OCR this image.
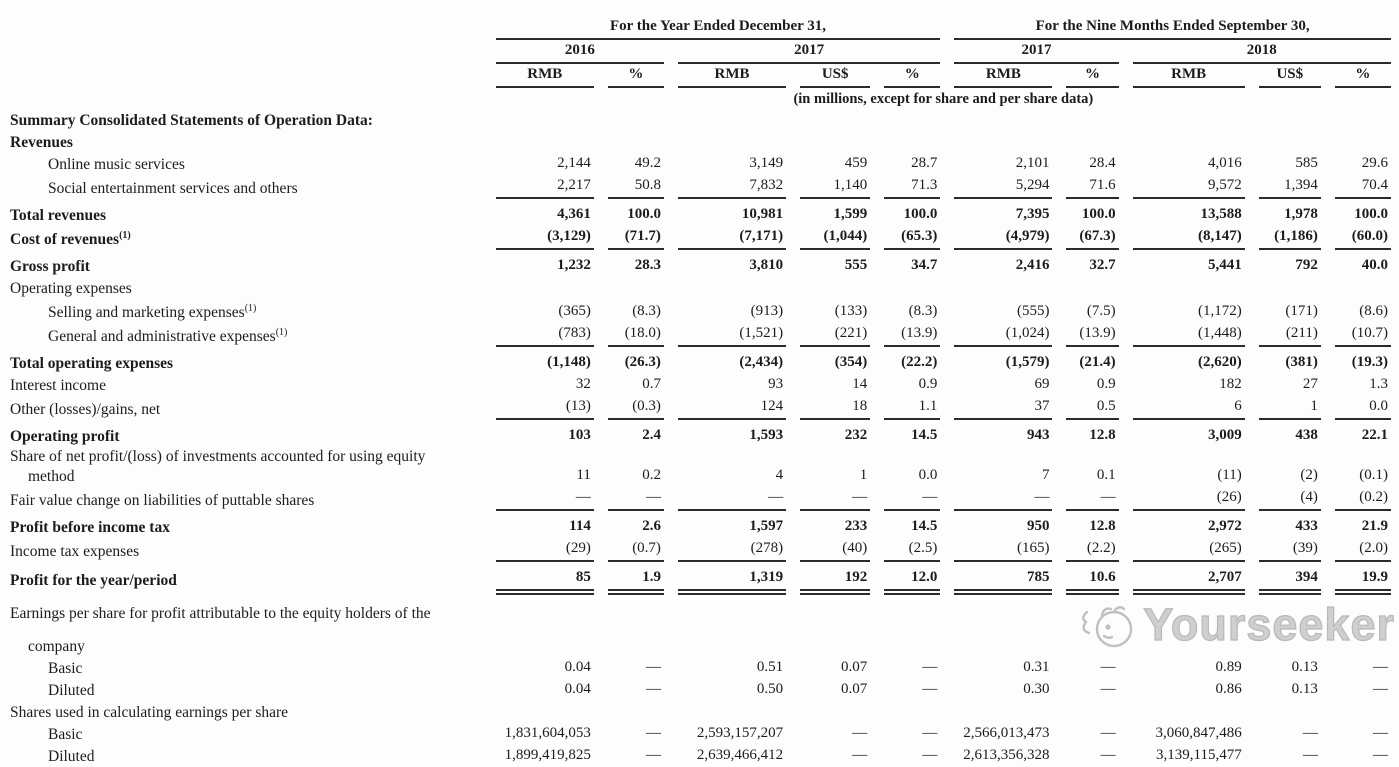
	For the Year Ended December 31,					For the Nine Months Ended September 30,				

	2016		2017			2017		2018		

	RMB	%	RMB	US$	%	RMB	%	RMB	US$	%

	(in millions, except for share and per share data)									

Summary Consolidated Statements of Operation Data:										

Revenues										

Online music services	2,144	49.2	3,149	459	28.7	2,101	28.4	4,016	585	29.6

Social entertainment services and others	2,217	50.8	7,832	1,140	71.3	5,294	71.6	9,572	1,394	70.4

Total revenues	4,361	100.0	10,981	1,599	100.0	7,395	100.0	13,588	1,978	100.0

Cost of revenues$^{(1)}$	(3,129)	(71.7)	(7,171)	(1,044)	(65.3)	(4,979)	(67.3)	(8,147)	(1,186)	(60.0)

Gross profit	1,232	28.3	3,810	555	34.7	2,416	32.7	5,441	792	40.0

Operating expenses										

Selling and marketing expenses$^{(1)}$	(365)	(8.3)	(913)	(133)	(8.3)	(555)	(7.5)	(1,172)	(171)	(8.6)

General and administrative expenses$^{(1)}$	(783)	(18.0)	(1,521)	(221)	(13.9)	(1,024)	(13.9)	(1,448)	(211)	(10.7)

Total operating expenses	(1,148)	(26.3)	(2,434)	(354)	(22.2)	(1,579)	(21.4)	(2,620)	(381)	(19.3)

Interest income	32	0.7	93	14	0.9	69	0.9	182	27	1.3

Other (losses)/gains, net	(13)	(0.3)	124	18	1.1	37	0.5	6	1	0.0

Operating profit	103	2.4	1,593	232	14.5	943	12.8	3,009	438	22.1

Share of net profit/(loss) of investments accounted for using equity
method	11	0.2	4	1	0.0	7	0.1	(11)	(2)	(0.1)

Fair value change on liabilities of puttable shares	—	—	—	—	—	—	—	(26)	(4)	(0.2)

Profit before income tax	114	2.6	1,597	233	14.5	950	12.8	2,972	433	21.9

Income tax expenses	(29)	(0.7)	(278)	(40)	(2.5)	(165)	(2.2)	(265)	(39)	(2.0)

Profit for the year/period	85	1.9	1,319	192	12.0	785	10.6	2,707	394	19.9

Earnings per share for profit attributable to the equity holders of the
company										

Basic	0.04	—	0.51	0.07	—	0.31	—	0.89	0.13	—

Diluted	0.04	—	0.50	0.07	—	0.30	—	0.86	0.13	—

Shares used in calculating earnings per share										

Basic	1,831,604,053	—	2,593,157,207	—	—	2,566,013,473	—	3,060,847,486	—	—

Diluted	1,899,419,825	—	2,639,466,412	—	—	2,613,356,328	—	3,139,115,477	—	—
Yourseeker
